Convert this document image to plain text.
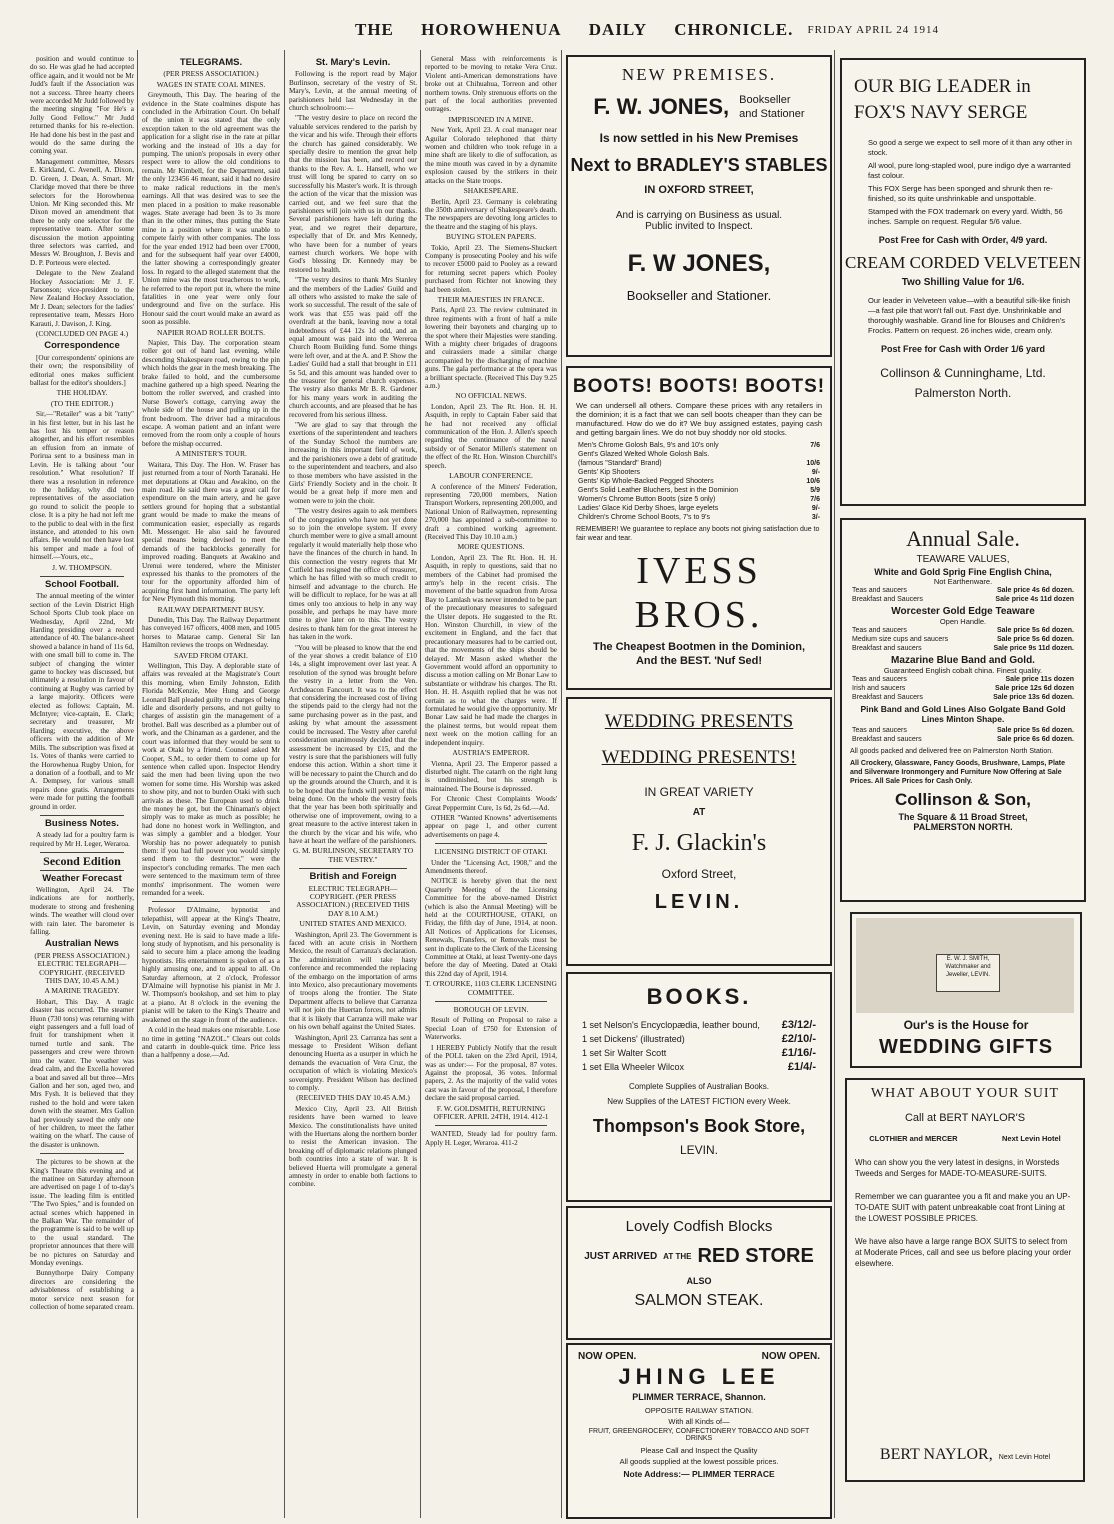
THE HOROWHENUA DAILY CHRONICLE.	FRIDAY APRIL 24 1914

position and would continue to do so. He was glad he had accepted office again, and it would not be Mr Judd's fault if the Association was not a success. Three hearty cheers were accorded Mr Judd followed by the meeting singing "For He's a Jolly Good Fellow." Mr Judd returned thanks for his re-election. He had done his best in the past and would do the same during the coming year.

Management committee, Messrs E. Kirkland, C. Avenell, A. Dixon, D. Green, J. Dean, A. Smart. Mr Claridge moved that there be three selectors for the Horowhenua Union. Mr King seconded this. Mr Dixon moved an amendment that there be only one selector for the representative team. After some discussion the motion appointing three selectors was carried, and Messrs W. Broughton, J. Bevis and D. P. Porteous were elected.

Delegate to the New Zealand Hockey Association: Mr J. F. Parsonson; vice-president to the New Zealand Hockey Association, Mr J. Dean; selectors for the ladies' representative team, Messrs Horo Karauti, J. Davison, J. King.

(CONCLUDED ON PAGE 4.)
Correspondence

[Our correspondents' opinions are their own; the responsibility of editorial ones makes sufficient ballast for the editor's shoulders.]

THE HOLIDAY.
(TO THE EDITOR.)

Sir,—"Retailer" was a bit "ratty" in his first letter, but in his last he has lost his temper or reason altogether, and his effort resembles an effusion from an inmate of Porirua sent to a business man in Levin. He is talking about "our resolution." What resolution? If there was a resolution in reference to the holiday, why did two representatives of the association go round to solicit the people to close. It is a pity he had not left me to the public to deal with in the first instance, and attended to his own affairs. He would not then have lost his temper and made a fool of himself.—Yours, etc.,

J. W. THOMPSON.
School Football.

The annual meeting of the winter section of the Levin District High School Sports Club took place on Wednesday, April 22nd, Mr Harding presiding over a record attendance of 40. The balance-sheet showed a balance in hand of 11s 6d, with one small bill to come in. The subject of changing the winter game to hockey was discussed, but ultimately a resolution in favour of continuing at Rugby was carried by a large majority. Officers were elected as follows: Captain, M. McIntyre; vice-captain, E. Clark; secretary and treasurer, Mr Harding; executive, the above officers with the addition of Mr Mills. The subscription was fixed at 1s. Votes of thanks were carried to the Horowhenua Rugby Union, for a donation of a football, and to Mr A. Dempsey, for various small repairs done gratis. Arrangements were made for putting the football ground in order.

Business Notes.

A steady lad for a poultry farm is required by Mr H. Leger, Weraroa.

Second Edition
Weather Forecast

Wellington, April 24. The indications are for northerly, moderate to strong and freshening winds. The weather will cloud over with rain later. The barometer is falling.

Australian News
(PER PRESS ASSOCIATION.) ELECTRIC TELEGRAPH—COPYRIGHT. (RECEIVED THIS DAY, 10.45 A.M.)
A MARINE TRAGEDY.

Hobart, This Day. A tragic disaster has occurred. The steamer Huon (730 tons) was returning with eight passengers and a full load of fruit for transhipment when it turned turtle and sank. The passengers and crew were thrown into the water. The weather was dead calm, and the Excella hovered a boat and saved all but three—Mrs Gallon and her son, aged two, and Mrs Fysh. It is believed that they rushed to the hold and were taken down with the steamer. Mrs Gallon had previously saved the only one of her children, to meet the father waiting on the wharf. The cause of the disaster is unknown.

The pictures to be shown at the King's Theatre this evening and at the matinee on Saturday afternoon are advertised on page 1 of to-day's issue. The leading film is entitled "The Two Spies," and is founded on actual scenes which happened in the Balkan War. The remainder of the programme is said to be well up to the usual standard. The proprietor announces that there will be no pictures on Saturday and Monday evenings.

Bunnythorpe Dairy Company directors are considering the advisableness of establishing a motor service next season for collection of home separated cream.

TELEGRAMS.
(PER PRESS ASSOCIATION.)
WAGES IN STATE COAL MINES.

Greymouth, This Day. The hearing of the evidence in the State coalmines dispute has concluded in the Arbitration Court. On behalf of the union it was stated that the only exception taken to the old agreement was the application for a slight rise in the rate at pillar working and the instead of 10s a day for pumping. The union's proposals in every other respect were to allow the old conditions to remain. Mr Kimbell, for the Department, said the only 123456 46 meant, said it had no desire to make radical reductions in the men's earnings. All that was desired was to see the men placed in a position to make reasonable wages. State average had been 3s to 3s more than in the other mines, thus putting the State mine in a position where it was unable to compete fairly with other companies. The loss for the year ended 1912 had been over £7000, and for the subsequent half year over £4000, the latter showing a correspondingly greater loss. In regard to the alleged statement that the Union mine was the most treacherous to work, he referred to the report put in, where the mine fatalities in one year were only four underground and five on the surface. His Honour said the court would make an award as soon as possible.

NAPIER ROAD ROLLER BOLTS.

Napier, This Day. The corporation steam roller got out of hand last evening, while descending Shakespeare road, owing to the pin which holds the gear in the mesh breaking. The brake failed to hold, and the cumbersome machine gathered up a high speed. Nearing the bottom the roller swerved, and crashed into Nurse Bower's cottage, carrying away the whole side of the house and pulling up in the front bedroom. The driver had a miraculous escape. A woman patient and an infant were removed from the room only a couple of hours before the mishap occurred.

A MINISTER'S TOUR.

Waitara, This Day. The Hon. W. Fraser has just returned from a tour of North Taranaki. He met deputations at Okau and Awakino, on the main road. He said there was a great call for expenditure on the main artery, and he gave settlers ground for hoping that a substantial grant would be made to make the means of communication easier, especially as regards Mt. Messenger. He also said he favoured special means being devised to meet the demands of the backblocks generally for improved roading. Banquets at Awakino and Urenui were tendered, where the Minister expressed his thanks to the promoters of the tour for the opportunity afforded him of acquiring first hand information. The party left for New Plymouth this morning.

RAILWAY DEPARTMENT BUSY.

Dunedin, This Day. The Railway Department has conveyed 167 officers, 4008 men, and 1005 horses to Matarae camp. General Sir Ian Hamilton reviews the troops on Wednesday.

SAVED FROM OTAKI.

Wellington, This Day. A deplorable state of affairs was revealed at the Magistrate's Court this morning, when Emily Johnston, Edith Florida McKenzie, Mee Hung and George Leonard Ball pleaded guilty to charges of being idle and disorderly persons, and not guilty to charges of assistin gin the management of a brothel. Ball was described as a plumber out of work, and the Chinaman as a gardener, and the court was informed that they would be sent to work at Otaki by a friend. Counsel asked Mr Cooper, S.M., to order them to come up for sentence when called upon. Inspector Hendry said the men had been living upon the two women for some time. His Worship was asked to show pity, and not to burden Otaki with such arrivals as these. The European used to drink the money he got, but the Chinaman's object simply was to make as much as possible; he had done no honest work in Wellington, and was simply a gambler and a blodger. Your Worship has no power adequately to punish them: if you had full power you would simply send them to the destructor." were the inspector's concluding remarks. The men each were sentenced to the maximum term of three months' imprisonment. The women were remanded for a week.

Professor D'Almaine, hypnotist and telepathist, will appear at the King's Theatre, Levin, on Saturday evening and Monday evening next. He is said to have made a life-long study of hypnotism, and his personality is said to secure him a place among the leading hypnotists. His entertainment is spoken of as a highly amusing one, and to appeal to all. On Saturday afternoon, at 2 o'clock, Professor D'Almaine will hypnotise his pianist in Mr J. W. Thompson's bookshop, and set him to play at a piano. At 8 o'clock in the evening the pianist will be taken to the King's Theatre and awakened on the stage in front of the audience.

A cold in the head makes one miserable. Lose no time in getting "NAZOL." Clears out colds and catarrh in double-quick time. Price less than a halfpenny a dose.—Ad.

St. Mary's Levin.

Following is the report read by Major Burlinson, secretary of the vestry of St. Mary's, Levin, at the annual meeting of parishioners held last Wednesday in the church schoolroom:—

"The vestry desire to place on record the valuable services rendered to the parish by the vicar and his wife. Through their efforts the church has gained considerably. We specially desire to mention the great help that the mission has been, and record our thanks to the Rev. A. L. Hansell, who we trust will long be spared to carry on so successfully his Master's work. It is through the action of the vicar that the mission was carried out, and we feel sure that the parishioners will join with us in our thanks. Several parishioners have left during the year, and we regret their departure, especially that of Dr. and Mrs Kennedy, who have been for a number of years earnest church workers. We hope with God's blessing Dr. Kennedy may be restored to health.

"The vestry desires to thank Mrs Stanley and the members of the Ladies' Guild and all others who assisted to make the sale of work so successful. The result of the sale of work was that £55 was paid off the overdraft at the bank, leaving now a total indebtedness of £44 12s 1d odd, and an equal amount was paid into the Wereroa Church Room Building fund. Some things were left over, and at the A. and P. Show the Ladies' Guild had a stall that brought in £11 5s 5d, and this amount was handed over to the treasurer for general church expenses. The vestry also thanks Mr B. R. Gardener for his many years work in auditing the church accounts, and are pleased that he has recovered from his serious illness.

"We are glad to say that through the exertions of the superintendent and teachers of the Sunday School the numbers are increasing in this important field of work, and the parishioners owe a debt of gratitude to the superintendent and teachers, and also to those members who have assisted in the Girls' Friendly Society and in the choir. It would be a great help if more men and women were to join the choir.

"The vestry desires again to ask members of the congregation who have not yet done so to join the envelope system. If every church member were to give a small amount regularly it would materially help those who have the finances of the church in hand. In this connection the vestry regrets that Mr Cutfield has resigned the office of treasurer, which he has filled with so much credit to himself and advantage to the church. He will be difficult to replace, for he was at all times only too anxious to help in any way possible, and perhaps he may have more time to give later on to this. The vestry desires to thank him for the great interest he has taken in the work.

"You will be pleased to know that the end of the year shows a credit balance of £10 14s, a slight improvement over last year. A resolution of the synod was brought before the vestry in a letter from the Ven. Archdeacon Fancourt. It was to the effect that considering the increased cost of living the stipends paid to the clergy had not the same purchasing power as in the past, and asking by what amount the assessment could be increased. The Vestry after careful consideration unanimously decided that the assessment be increased by £15, and the vestry is sure that the parishioners will fully endorse this action. Within a short time it will be necessary to paint the Church and do up the grounds around the Church, and it is to be hoped that the funds will permit of this being done. On the whole the vestry feels that the year has been both spiritually and otherwise one of improvement, owing to a great measure to the active interest taken in the church by the vicar and his wife, who have at heart the welfare of the parishioners.

G. M. BURLINSON, SECRETARY TO THE VESTRY."
British and Foreign
ELECTRIC TELEGRAPH—COPYRIGHT. (PER PRESS ASSOCIATION.) (RECEIVED THIS DAY 8.10 A.M.)
UNITED STATES AND MEXICO.

Washington, April 23. The Government is faced with an acute crisis in Northern Mexico, the result of Carranza's declaration. The administration will take hasty conference and recommended the replacing of the embargo on the importation of arms into Mexico, also precautionary movements of troops along the frontier. The State Department affects to believe that Carranza will not join the Huertan forces, not admits that it is likely that Carranza will make war on his own behalf against the United States.

Washington, April 23. Carranza has sent a message to President Wilson defiant denouncing Huerta as a usurper in which he demands the evacuation of Vera Cruz, the occupation of which is violating Mexico's sovereignty. President Wilson has declined to comply.

(RECEIVED THIS DAY 10.45 A.M.)

Mexico City, April 23. All British residents have been warned to leave Mexico. The constitutionalists have united with the Huertans along the northern border to resist the American invasion. The breaking off of diplomatic relations plunged both countries into a state of war. It is believed Huerta will promulgate a general amnesty in order to enable both factions to combine.

General Mass with reinforcements is reported to be moving to retake Vera Cruz. Violent anti-American demonstrations have broke out at Chihuahua, Torreon and other northern towns. Only strenuous efforts on the part of the local authorities prevented outrages.

IMPRISONED IN A MINE.

New York, April 23. A coal manager near Aguilar Colorado telephoned that thirty women and children who took refuge in a mine shaft are likely to die of suffocation, as the mine mouth was caved in by a dynamite explosion caused by the strikers in their attacks on the State troops.

SHAKESPEARE.

Berlin, April 23. Germany is celebrating the 350th anniversary of Shakespeare's death. The newspapers are devoting long articles to the theatre and the staging of his plays.

BUYING STOLEN PAPERS.

Tokio, April 23. The Siemens-Shuckert Company is prosecuting Pooley and his wife to recover £5000 paid to Pooley as a reward for returning secret papers which Pooley purchased from Richter not knowing they had been stolen.

THEIR MAJESTIES IN FRANCE.

Paris, April 23. The review culminated in three regiments with a front of half a mile lowering their bayonets and charging up to the spot where their Majesties were standing. With a mighty cheer brigades of dragoons and cuirassiers made a similar charge accompanied by the discharging of machine guns. The gala performance at the opera was a brilliant spectacle. (Received This Day 9.25 a.m.)

NO OFFICIAL NEWS.

London, April 23. The Rt. Hon. H. H. Asquith, in reply to Captain Faber said that he had not received any official communication of the Hon. J. Allen's speech regarding the continuance of the naval subsidy or of Senator Millen's statement on the effect of the Rt. Hon. Winston Churchill's speech.

LABOUR CONFERENCE.

A conference of the Miners' Federation, representing 720,000 members, Nation Transport Workers, representing 200,000, and National Union of Railwaymen, representing 270,000 has appointed a sub-committee to draft a combined working agreement. (Received This Day 10.10 a.m.)

MORE QUESTIONS.

London, April 23. The Rt. Hon. H. H. Asquith, in reply to questions, said that no members of the Cabinet had promised the army's help in the recent crisis. The movement of the battle squadron from Arosa Bay to Lamlash was never intended to be part of the precautionary measures to safeguard the Ulster depots. He suggested to the Rt. Hon. Winston Churchill, in view of the excitement in England, and the fact that precautionary measures had to be carried out, that the movements of the ships should be delayed. Mr Mason asked whether the Government would afford an opportunity to discuss a motion calling on Mr Bonar Law to substantiate or withdraw his charges. The Rt. Hon. H. H. Asquith replied that he was not certain as to what the charges were. If formulated he would give the opportunity. Mr Bonar Law said he had made the charges in the plainest terms, but would repeat them next week on the motion calling for an independent inquiry.

AUSTRIA'S EMPEROR.

Vienna, April 23. The Emperor passed a disturbed night. The catarrh on the right lung is undiminished, but his strength is maintained. The Bourse is depressed.

For Chronic Chest Complaints Woods' Great Peppermint Cure, 1s 6d, 2s 6d.—Ad.

OTHER "Wanted Knowns" advertisements appear on page 1, and other current advertisements on page 4.

LICENSING DISTRICT OF OTAKI.

Under the "Licensing Act, 1908," and the Amendments thereof.

NOTICE is hereby given that the next Quarterly Meeting of the Licensing Committee for the above-named District (which is also the Annual Meeting) will be held at the COURTHOUSE, OTAKI, on Friday, the fifth day of June, 1914, at noon. All Notices of Applications for Licenses, Renewals, Transfers, or Removals must be sent in duplicate to the Clerk of the Licensing Committee at Otaki, at least Twenty-one days before the day of Meeting. Dated at Otaki this 22nd day of April, 1914.

T. O'ROURKE, 1103 CLERK LICENSING COMMITTEE.
BOROUGH OF LEVIN.

Result of Polling on Proposal to raise a Special Loan of £750 for Extension of Waterworks.

I HEREBY Publicly Notify that the result of the POLL taken on the 23rd April, 1914, was as under:— For the proposal, 87 votes. Against the proposal, 36 votes. Informal papers, 2. As the majority of the valid votes cast was in favour of the proposal, I therefore declare the said proposal carried.

F. W. GOLDSMITH, RETURNING OFFICER. APRIL 24TH, 1914. 412-1

WANTED, Steady lad for poultry farm. Apply H. Leger, Weraroa. 411-2

NEW PREMISES.
F. W. JONES, Bookseller
and Stationer
Is now settled in his New Premises
Next to BRADLEY'S STABLES
IN OXFORD STREET,
And is carrying on Business as usual.
Public invited to Inspect.
F. W JONES,
Bookseller and Stationer.
BOOTS! BOOTS! BOOTS!
We can undersell all others. Compare these prices with any retailers in the dominion; it is a fact that we can sell boots cheaper than they can be manufactured. How do we do it? We buy assigned estates, paying cash and getting bargain lines. We do not buy shoddy nor old stocks.
Men's Chrome Golosh Bals, 9's and 10's only	7/6
Gent's Glazed Welted Whole Golosh Bals.
(famous "Standard" Brand)	10/6
Gents' Kip Shooters	9/-
Gents' Kip Whole-Backed Pegged Shooters	10/6
Gent's Solid Leather Bluchers, best in the Dominion	5/9
Women's Chrome Button Boots (size 5 only)	7/6
Ladies' Glace Kid Derby Shoes, large eyelets	9/-
Children's Chrome School Boots, 7's to 9's	3/-
REMEMBER! We guarantee to replace any boots not giving satisfaction due to fair wear and tear.
IVESS BROS.
The Cheapest Bootmen in the Dominion,
And the BEST. 'Nuf Sed!
WEDDING PRESENTS
WEDDING PRESENTS!
IN GREAT VARIETY
AT
F. J. Glackin's
Oxford Street,
LEVIN.
BOOKS.
1 set Nelson's Encyclopædia, leather bound, £3/12/-
1 set Dickens' (illustrated)	£2/10/-
1 set Sir Walter Scott	£1/16/-
1 set Ella Wheeler Wilcox	£1/4/-
Complete Supplies of Australian Books.
New Supplies of the LATEST FICTION every Week.
Thompson's Book Store,
LEVIN.
Lovely Codfish Blocks
JUST ARRIVED AT THE RED STORE
ALSO
SALMON STEAK.
NOW OPEN.	NOW OPEN.
JHING LEE
PLIMMER TERRACE, Shannon.
OPPOSITE RAILWAY STATION.
With all Kinds of—
FRUIT, GREENGROCERY, CONFECTIONERY TOBACCO AND SOFT DRINKS
Please Call and Inspect the Quality
All goods supplied at the lowest possible prices.
Note Address:— PLIMMER TERRACE
OUR BIG LEADER in
FOX'S NAVY SERGE
So good a serge we expect to sell more of it than any other in stock.
All wool, pure long-stapled wool, pure indigo dye a warranted fast colour.
This FOX Serge has been sponged and shrunk then re-finished, so its quite unshrinkable and unspottable.
Stamped with the FOX trademark on every yard. Width, 56 inches. Sample on request. Regular 5/6 value.
Post Free for Cash with Order, 4/9 yard.
CREAM CORDED VELVETEEN
Two Shilling Value for 1/6.
Our leader in Velveteen value—with a beautiful silk-like finish—a fast pile that won't fall out. Fast dye. Unshrinkable and thoroughly washable. Grand line for Blouses and Children's Frocks. Pattern on request. 26 inches wide, cream only.
Post Free for Cash with Order 1/6 yard
Collinson & Cunninghame, Ltd.
Palmerston North.
Annual Sale.
TEAWARE VALUES,
White and Gold Sprig Fine English China,
Not Earthenware.
Teas and saucers	Sale price 4s 6d dozen.
Breakfast and Saucers	Sale price 4s 11d dozen
Worcester Gold Edge Teaware
Open Handle.
Teas and saucers	Sale price 5s 6d dozen.
Medium size cups and saucers	Sale price 5s 6d dozen.
Breakfast and saucers	Sale price 9s 11d dozen.
Mazarine Blue Band and Gold.
Guaranteed English cobalt china. Finest quality.
Teas and saucers	Sale price 11s dozen
Irish and saucers	Sale price 12s 6d dozen
Breakfast and Saucers	Sale price 13s 6d dozen.
Pink Band and Gold Lines Also Golgate Band Gold Lines Minton Shape.
Teas and saucers	Sale price 5s 6d dozen.
Breakfast and saucers	Sale price 6s 6d dozen.
All goods packed and delivered free on Palmerston North Station.
All Crockery, Glassware, Fancy Goods, Brushware, Lamps, Plate and Silverware Ironmongery and Furniture Now Offering at Sale Prices. All Sale Prices for Cash Only.
Collinson & Son,
The Square & 11 Broad Street,
PALMERSTON NORTH.
E. W. J. SMITH, Watchmaker and Jeweller, LEVIN.
Our's is the House for
WEDDING GIFTS
WHAT ABOUT YOUR SUIT
Call at BERT NAYLOR'S
CLOTHIER and MERCER	Next Levin Hotel
Who can show you the very latest in designs, in Worsteds Tweeds and Serges for MADE-TO-MEASURE-SUITS.
Remember we can guarantee you a fit and make you an UP-TO-DATE SUIT with patent unbreakable coat front Lining at the LOWEST POSSIBLE PRICES.
We have also have a large range BOX SUITS to select from at Moderate Prices, call and see us before placing your order elsewhere.
BERT NAYLOR, Next Levin Hotel
